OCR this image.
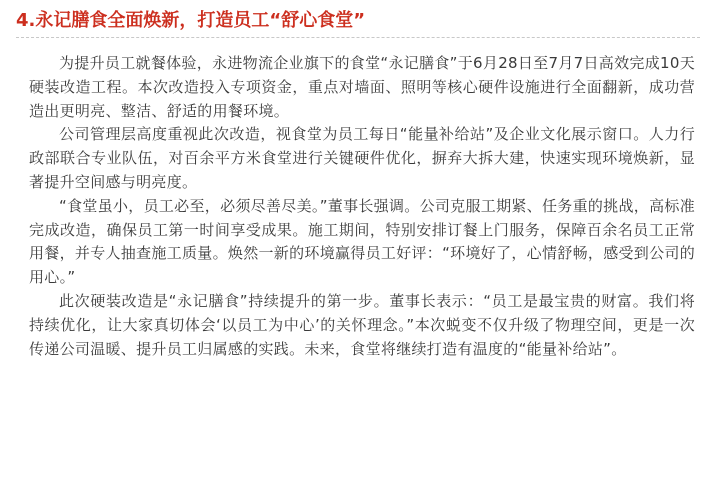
4.永记膳食全面焕新，打造员工“舒心食堂”

为提升员工就餐体验，永进物流企业旗下的食堂“永记膳食”于6月28日至7月7日高效完成10天硬装改造工程。本次改造投入专项资金，重点对墙面、照明等核心硬件设施进行全面翻新，成功营造出更明亮、整洁、舒适的用餐环境。

公司管理层高度重视此次改造，视食堂为员工每日“能量补给站”及企业文化展示窗口。人力行政部联合专业队伍，对百余平方米食堂进行关键硬件优化，摒弃大拆大建，快速实现环境焕新，显著提升空间感与明亮度。

“食堂虽小，员工必至，必须尽善尽美。”董事长强调。公司克服工期紧、任务重的挑战，高标准完成改造，确保员工第一时间享受成果。施工期间，特别安排订餐上门服务，保障百余名员工正常用餐，并专人抽查施工质量。焕然一新的环境赢得员工好评：“环境好了，心情舒畅，感受到公司的用心。”

此次硬装改造是“永记膳食”持续提升的第一步。董事长表示：“员工是最宝贵的财富。我们将持续优化，让大家真切体会‘以员工为中心’的关怀理念。”本次蜕变不仅升级了物理空间，更是一次传递公司温暖、提升员工归属感的实践。未来，食堂将继续打造有温度的“能量补给站”。
